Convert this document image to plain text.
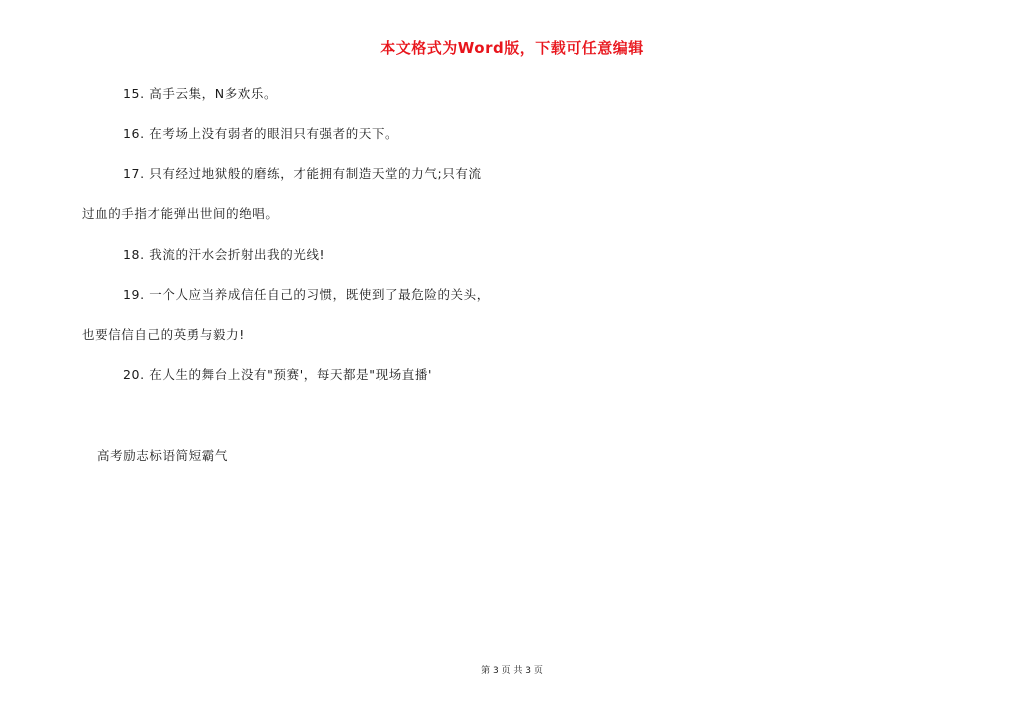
本文格式为Word版，下载可任意编辑
15. 高手云集，N多欢乐。
16. 在考场上没有弱者的眼泪只有强者的天下。
17. 只有经过地狱般的磨练，才能拥有制造天堂的力气;只有流
过血的手指才能弹出世间的绝唱。
18. 我流的汗水会折射出我的光线!
19. 一个人应当养成信任自己的习惯，既使到了最危险的关头，
也要信信自己的英勇与毅力!
20. 在人生的舞台上没有"预赛'，每天都是"现场直播'
高考励志标语简短霸气
第 3 页 共 3 页
